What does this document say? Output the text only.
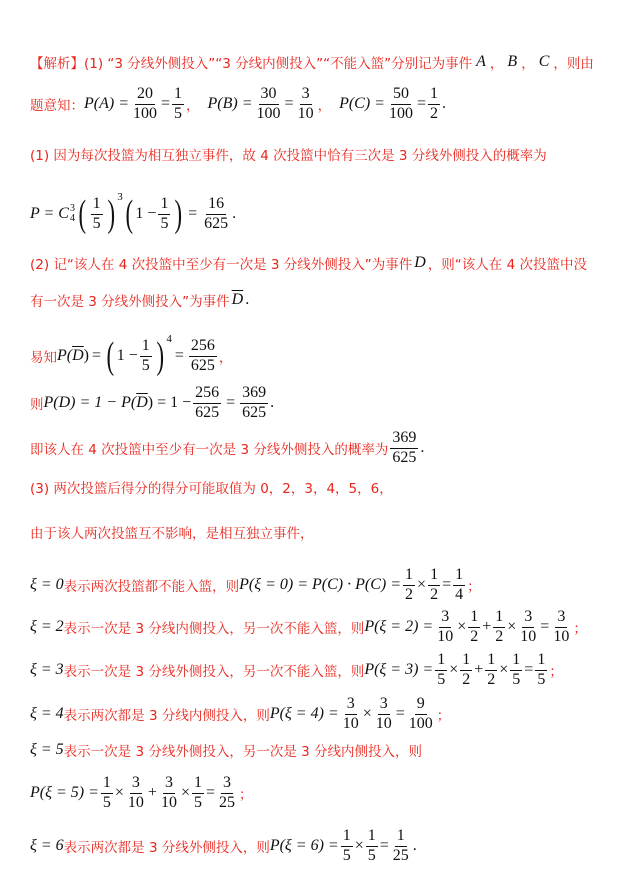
【解析】 (1) “3 分线外侧投入”“3 分线内侧投入”“不能入篮”分别记为事件 A ， B ， C ，则由
题意知： $P(A) = \frac{20}{100} = \frac{1}{5}$ ， $P(B) = \frac{30}{100} = \frac{3}{10}$ ， $P(C) = \frac{50}{100} = \frac{1}{2}$ .
(1) 因为每次投篮为相互独立事件，故 4 次投篮中恰有三次是 3 分线外侧投入的概率为
P = C 3
4 ( $\frac{1}{5}$ ) 3 ( $1 - \frac{1}{5}$ ) = $\frac{16}{625}$ .
(2) 记“该人在 4 次投篮中至少有一次是 3 分线外侧投入”为事件 D ，则“该人在 4 次投篮中没
有一次是 3 分线外侧投入”为事件 $\overline{D}$ .
易知 P( $\overline{D}$ ) = ( $1 - \frac{1}{5}$ ) 4
= $\frac{256}{625}$ ，
则 P(D) = 1 − P( $\overline{D}$ ) = $1 - \frac{256}{625} = \frac{369}{625}$ .
即该人在 4 次投篮中至少有一次是 3 分线外侧投入的概率为 $\frac{369}{625}$ .
(3) 两次投篮后得分的得分可能取值为 0，2，3，4，5，6，
由于该人两次投篮互不影响，是相互独立事件，
ξ = 0 表示两次投篮都不能入篮，则 $P(\xi = 0) = P(C) \cdot P(C) = \frac{1}{2} \times \frac{1}{2} = \frac{1}{4}$ ；
ξ = 2 表示一次是 3 分线内侧投入，另一次不能入篮，则 $P(\xi = 2) = \frac{3}{10} \times \frac{1}{2} + \frac{1}{2} \times \frac{3}{10} = \frac{3}{10}$ ；
ξ = 3 表示一次是 3 分线外侧投入，另一次不能入篮，则 $P(\xi = 3) = \frac{1}{5} \times \frac{1}{2} + \frac{1}{2} \times \frac{1}{5} = \frac{1}{5}$ ；
ξ = 4 表示两次都是 3 分线内侧投入，则 $P(\xi = 4) = \frac{3}{10} \times \frac{3}{10} = \frac{9}{100}$ ；
ξ = 5 表示一次是 3 分线外侧投入，另一次是 3 分线内侧投入，则
$P(\xi = 5) = \frac{1}{5} \times \frac{3}{10} + \frac{3}{10} \times \frac{1}{5} = \frac{3}{25}$ ；
ξ = 6 表示两次都是 3 分线外侧投入，则 $P(\xi = 6) = \frac{1}{5} \times \frac{1}{5} = \frac{1}{25}$ .
